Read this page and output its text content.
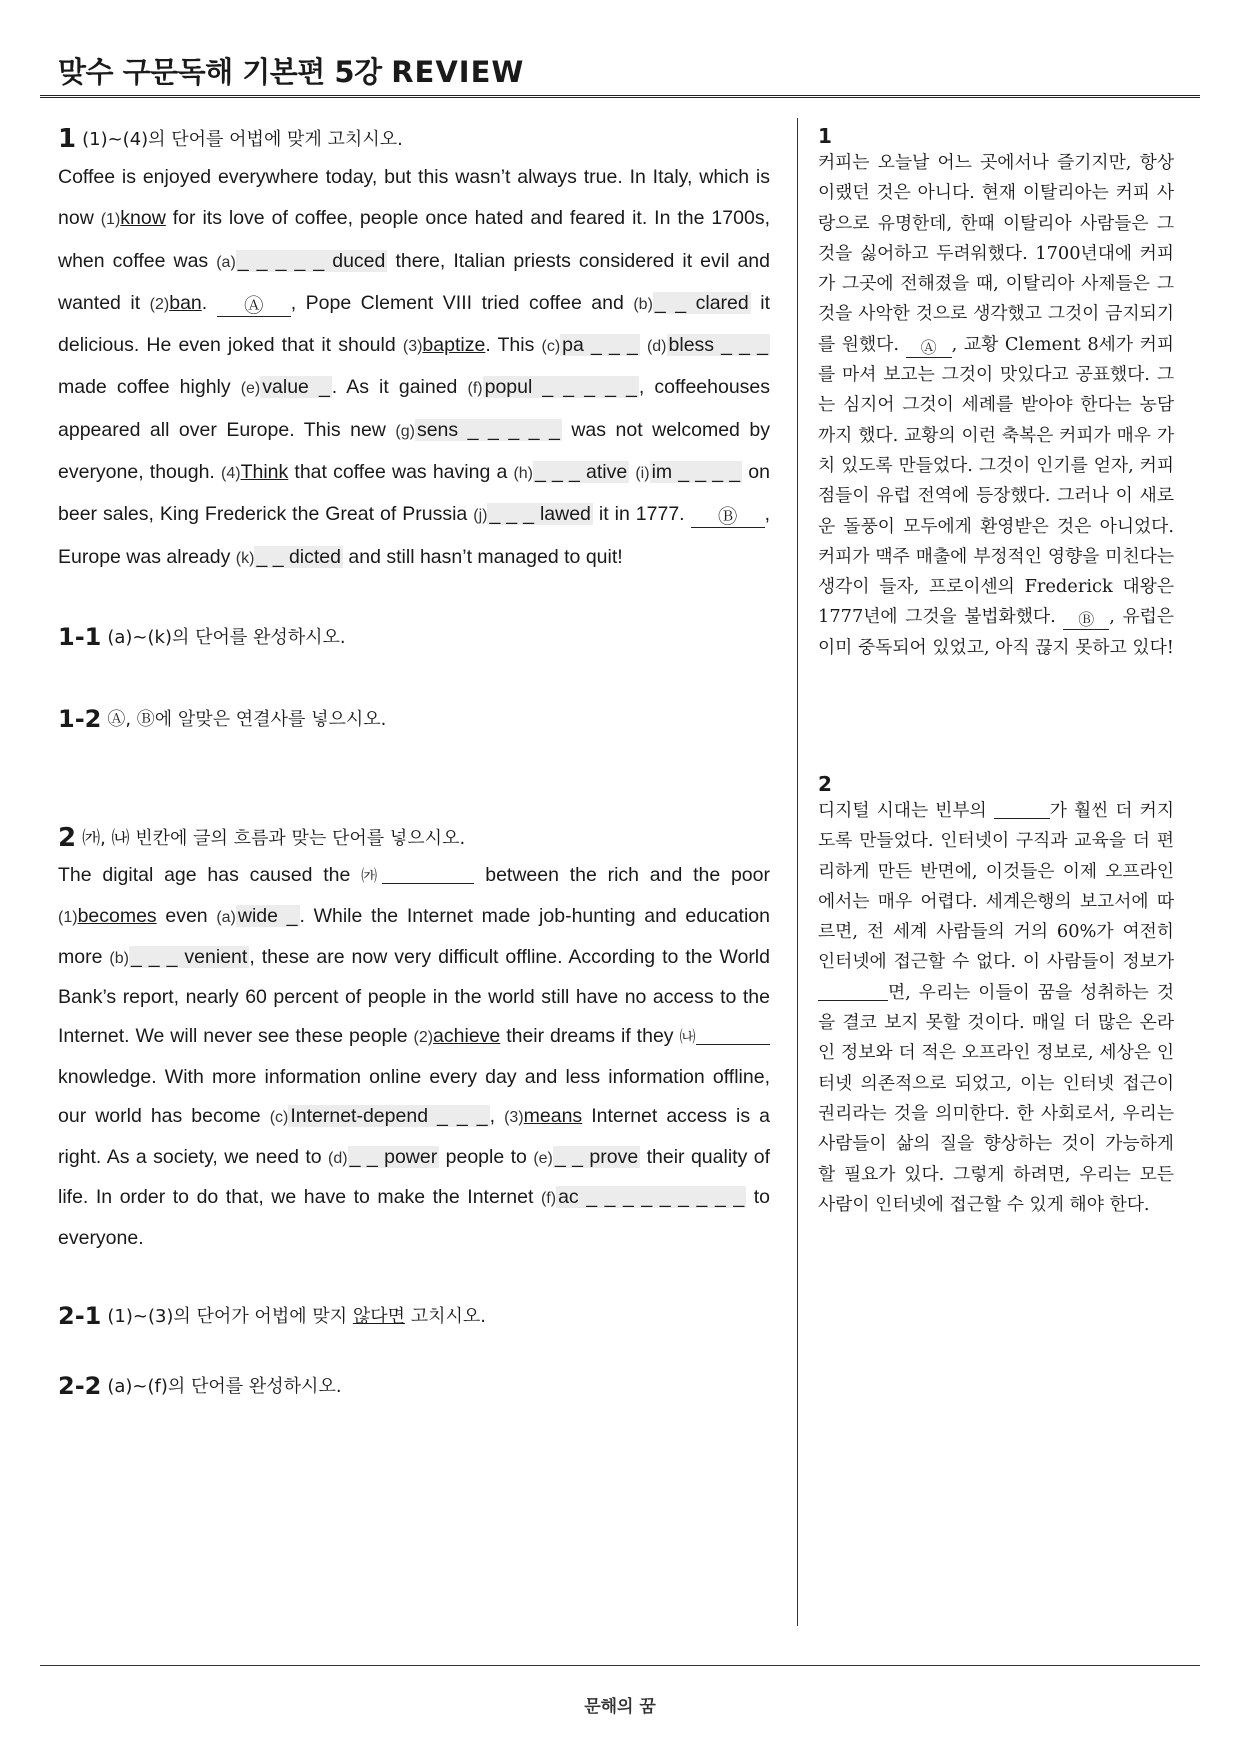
맞수 구문독해 기본편 5강 REVIEW

1 (1)~(4)의 단어를 어법에 맞게 고치시오.

Coffee is enjoyed everywhere today, but this wasn’t always true. In Italy, which is now (1)know for its love of coffee, people once hated and feared it. In the 1700s, when coffee was (a) _ _ _ _ _ duced there, Italian priests considered it evil and wanted it (2)ban. Ⓐ , Pope Clement VIII tried coffee and (b) _ _ clared it delicious. He even joked that it should (3)baptize. This (c) pa _ _ _ (d) bless _ _ _ made coffee highly (e) value _ . As it gained (f) popul _ _ _ _ _ , coffeehouses appeared all over Europe. This new (g) sens _ _ _ _ _ was not welcomed by everyone, though. (4)Think that coffee was having a (h) _ _ _ ative (i) im _ _ _ _ on beer sales, King Frederick the Great of Prussia (j) _ _ _ lawed it in 1777. Ⓑ , Europe was already (k) _ _ dicted and still hasn’t managed to quit!

1-1 (a)~(k)의 단어를 완성하시오.

1-2 Ⓐ, Ⓑ에 알맞은 연결사를 넣으시오.

2 ㈎, ㈏ 빈칸에 글의 흐름과 맞는 단어를 넣으시오.

The digital age has caused the ㈎	between the rich and the poor (1)becomes even (a) wide _ . While the Internet made job-hunting and education more (b) _ _ _ venient , these are now very difficult offline. According to the World Bank’s report, nearly 60 percent of people in the world still have no access to the Internet. We will never see these people (2)achieve their dreams if they ㈏ knowledge. With more information online every day and less information offline, our world has become (c) Internet-depend _ _ _ , (3)means Internet access is a right. As a society, we need to (d) _ _ power people to (e) _ _ prove their quality of life. In order to do that, we have to make the Internet (f) ac _ _ _ _ _ _ _ _ _ to everyone.

2-1 (1)~(3)의 단어가 어법에 맞지 않다면 고치시오.

2-2 (a)~(f)의 단어를 완성하시오.

1

커피는 오늘날 어느 곳에서나 즐기지만, 항상 이랬던 것은 아니다. 현재 이탈리아는 커피 사랑으로 유명한데, 한때 이탈리아 사람들은 그것을 싫어하고 두려워했다. 1700년대에 커피가 그곳에 전해졌을 때, 이탈리아 사제들은 그것을 사악한 것으로 생각했고 그것이 금지되기를 원했다. Ⓐ , 교황 Clement 8세가 커피를 마셔 보고는 그것이 맛있다고 공표했다. 그는 심지어 그것이 세례를 받아야 한다는 농담까지 했다. 교황의 이런 축복은 커피가 매우 가치 있도록 만들었다. 그것이 인기를 얻자, 커피점들이 유럽 전역에 등장했다. 그러나 이 새로운 돌풍이 모두에게 환영받은 것은 아니었다. 커피가 맥주 매출에 부정적인 영향을 미친다는 생각이 들자, 프로이센의 Frederick 대왕은 1777년에 그것을 불법화했다. Ⓑ , 유럽은 이미 중독되어 있었고, 아직 끊지 못하고 있다!

2

디지털 시대는 빈부의	가 훨씬 더 커지도록 만들었다. 인터넷이 구직과 교육을 더 편리하게 만든 반면에, 이것들은 이제 오프라인에서는 매우 어렵다. 세계은행의 보고서에 따르면, 전 세계 사람들의 거의 60%가 여전히 인터넷에 접근할 수 없다. 이 사람들이 정보가 면, 우리는 이들이 꿈을 성취하는 것을 결코 보지 못할 것이다. 매일 더 많은 온라인 정보와 더 적은 오프라인 정보로, 세상은 인터넷 의존적으로 되었고, 이는 인터넷 접근이 권리라는 것을 의미한다. 한 사회로서, 우리는 사람들이 삶의 질을 향상하는 것이 가능하게 할 필요가 있다. 그렇게 하려면, 우리는 모든 사람이 인터넷에 접근할 수 있게 해야 한다.

문해의 꿈
